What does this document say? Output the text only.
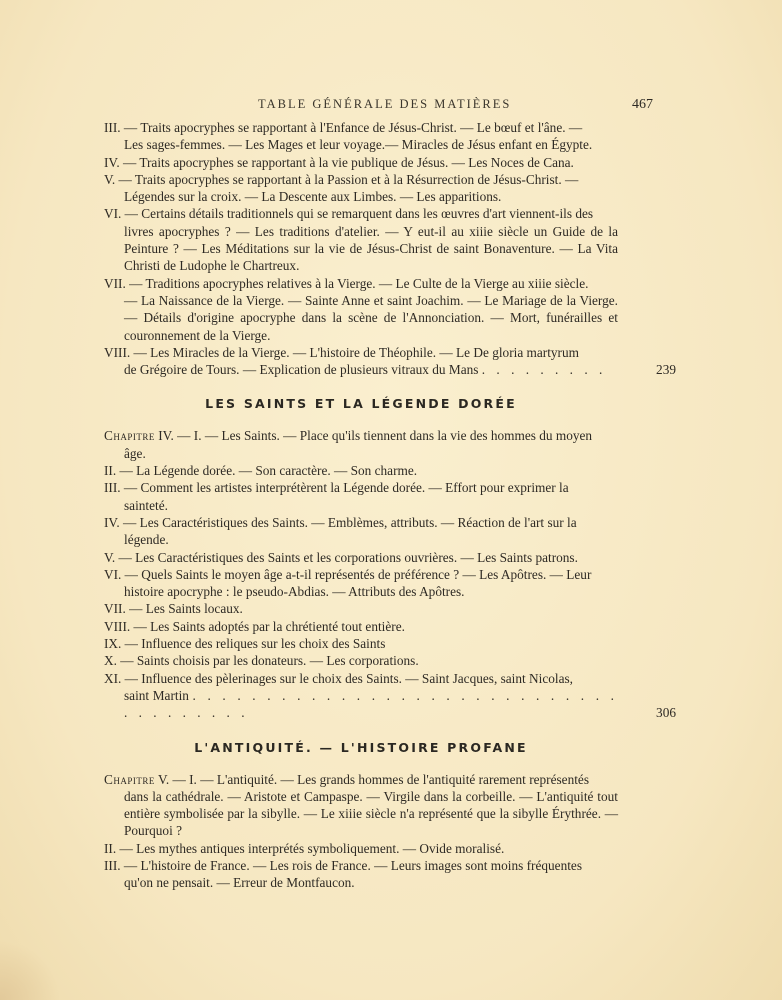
TABLE GÉNÉRALE DES MATIÈRES	467

III. — Traits apocryphes se rapportant à l'Enfance de Jésus-Christ. — Le bœuf et l'âne. —
Les sages-femmes. — Les Mages et leur voyage.— Miracles de Jésus enfant en Égypte.

IV. — Traits apocryphes se rapportant à la vie publique de Jésus. — Les Noces de Cana.

V. — Traits apocryphes se rapportant à la Passion et à la Résurrection de Jésus-Christ. —
Légendes sur la croix. — La Descente aux Limbes. — Les apparitions.

VI. — Certains détails traditionnels qui se remarquent dans les œuvres d'art viennent-ils des
livres apocryphes ? — Les traditions d'atelier. — Y eut-il au xiiie siècle un Guide de la Peinture ? — Les Méditations sur la vie de Jésus-Christ de saint Bonaventure. — La Vita Christi de Ludophe le Chartreux.

VII. — Traditions apocryphes relatives à la Vierge. — Le Culte de la Vierge au xiiie siècle.
— La Naissance de la Vierge. — Sainte Anne et saint Joachim. — Le Mariage de la Vierge. — Détails d'origine apocryphe dans la scène de l'Annonciation. — Mort, funérailles et couronnement de la Vierge.

VIII. — Les Miracles de la Vierge. — L'histoire de Théophile. — Le De gloria martyrum
de Grégoire de Tours. — Explication de plusieurs vitraux du Mans . . . . . . . . .	239

LES SAINTS ET LA LÉGENDE DORÉE

Chapitre IV. — I. — Les Saints. — Place qu'ils tiennent dans la vie des hommes du moyen
âge.

II. — La Légende dorée. — Son caractère. — Son charme.

III. — Comment les artistes interprétèrent la Légende dorée. — Effort pour exprimer la
sainteté.

IV. — Les Caractéristiques des Saints. — Emblèmes, attributs. — Réaction de l'art sur la
légende.

V. — Les Caractéristiques des Saints et les corporations ouvrières. — Les Saints patrons.

VI. — Quels Saints le moyen âge a-t-il représentés de préférence ? — Les Apôtres. — Leur
histoire apocryphe : le pseudo-Abdias. — Attributs des Apôtres.

VII. — Les Saints locaux.

VIII. — Les Saints adoptés par la chrétienté tout entière.

IX. — Influence des reliques sur les choix des Saints

X. — Saints choisis par les donateurs. — Les corporations.

XI. — Influence des pèlerinages sur le choix des Saints. — Saint Jacques, saint Nicolas,
saint Martin . . . . . . . . . . . . . . . . . . . . . . . . . . . . . . . . . . . . . .	306

L'ANTIQUITÉ. — L'HISTOIRE PROFANE

Chapitre V. — I. — L'antiquité. — Les grands hommes de l'antiquité rarement représentés
dans la cathédrale. — Aristote et Campaspe. — Virgile dans la corbeille. — L'antiquité tout entière symbolisée par la sibylle. — Le xiiie siècle n'a représenté que la sibylle Érythrée. — Pourquoi ?

II. — Les mythes antiques interprétés symboliquement. — Ovide moralisé.

III. — L'histoire de France. — Les rois de France. — Leurs images sont moins fréquentes
qu'on ne pensait. — Erreur de Montfaucon.
